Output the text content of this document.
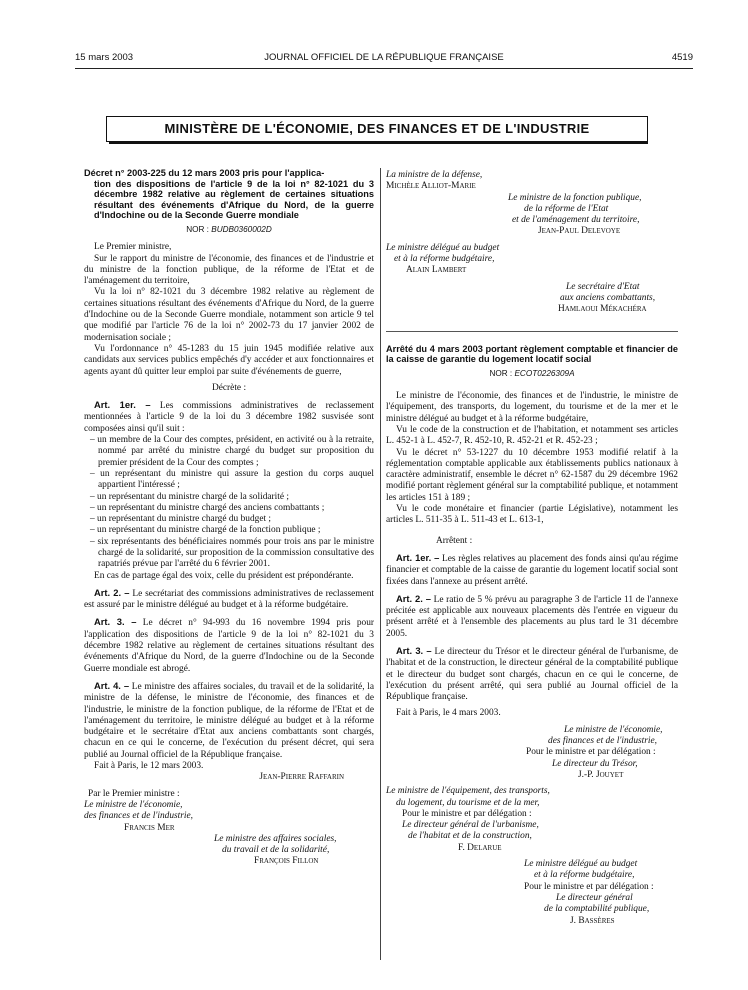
15 mars 2003	JOURNAL OFFICIEL DE LA RÉPUBLIQUE FRANÇAISE	4519
MINISTÈRE DE L'ÉCONOMIE, DES FINANCES ET DE L'INDUSTRIE

Décret n° 2003-225 du 12 mars 2003 pris pour l'applica-

tion des dispositions de l'article 9 de la loi n° 82-1021 du 3 décembre 1982 relative au règlement de certaines situations résultant des événements d'Afrique du Nord, de la guerre d'Indochine ou de la Seconde Guerre mondiale

NOR : BUDB0360002D

Le Premier ministre,

Sur le rapport du ministre de l'économie, des finances et de l'industrie et du ministre de la fonction publique, de la réforme de l'Etat et de l'aménagement du territoire,

Vu la loi n° 82-1021 du 3 décembre 1982 relative au règlement de certaines situations résultant des événements d'Afrique du Nord, de la guerre d'Indochine ou de la Seconde Guerre mondiale, notamment son article 9 tel que modifié par l'article 76 de la loi n° 2002-73 du 17 janvier 2002 de modernisation sociale ;

Vu l'ordonnance n° 45-1283 du 15 juin 1945 modifiée relative aux candidats aux services publics empêchés d'y accéder et aux fonctionnaires et agents ayant dû quitter leur emploi par suite d'événements de guerre,

Décrète :

Art. 1er. – Les commissions administratives de reclassement mentionnées à l'article 9 de la loi du 3 décembre 1982 susvisée sont composées ainsi qu'il suit :

– un membre de la Cour des comptes, président, en activité ou à la retraite, nommé par arrêté du ministre chargé du budget sur proposition du premier président de la Cour des comptes ;
– un représentant du ministre qui assure la gestion du corps auquel appartient l'intéressé ;
– un représentant du ministre chargé de la solidarité ;
– un représentant du ministre chargé des anciens combattants ;
– un représentant du ministre chargé du budget ;
– un représentant du ministre chargé de la fonction publique ;
– six représentants des bénéficiaires nommés pour trois ans par le ministre chargé de la solidarité, sur proposition de la commission consultative des rapatriés prévue par l'arrêté du 6 février 2001.

En cas de partage égal des voix, celle du président est prépondérante.

Art. 2. – Le secrétariat des commissions administratives de reclassement est assuré par le ministre délégué au budget et à la réforme budgétaire.

Art. 3. – Le décret n° 94-993 du 16 novembre 1994 pris pour l'application des dispositions de l'article 9 de la loi n° 82-1021 du 3 décembre 1982 relative au règlement de certaines situations résultant des événements d'Afrique du Nord, de la guerre d'Indochine ou de la Seconde Guerre mondiale est abrogé.

Art. 4. – Le ministre des affaires sociales, du travail et de la solidarité, la ministre de la défense, le ministre de l'économie, des finances et de l'industrie, le ministre de la fonction publique, de la réforme de l'Etat et de l'aménagement du territoire, le ministre délégué au budget et à la réforme budgétaire et le secrétaire d'Etat aux anciens combattants sont chargés, chacun en ce qui le concerne, de l'exécution du présent décret, qui sera publié au Journal officiel de la République française.

Fait à Paris, le 12 mars 2003.

Jean-Pierre Raffarin

Par le Premier ministre :

Le ministre de l'économie,

des finances et de l'industrie,

Francis Mer

Le ministre des affaires sociales,

du travail et de la solidarité,

François Fillon

La ministre de la défense,

Michèle Alliot-Marie

Le ministre de la fonction publique,

de la réforme de l'Etat

et de l'aménagement du territoire,

Jean-Paul Delevoye

Le ministre délégué au budget

et à la réforme budgétaire,

Alain Lambert

Le secrétaire d'Etat

aux anciens combattants,

Hamlaoui Mékachéra

Arrêté du 4 mars 2003 portant règlement comptable et financier de la caisse de garantie du logement locatif social

NOR : ECOT0226309A

Le ministre de l'économie, des finances et de l'industrie, le ministre de l'équipement, des transports, du logement, du tourisme et de la mer et le ministre délégué au budget et à la réforme budgétaire,

Vu le code de la construction et de l'habitation, et notamment ses articles L. 452-1 à L. 452-7, R. 452-10, R. 452-21 et R. 452-23 ;

Vu le décret n° 53-1227 du 10 décembre 1953 modifié relatif à la réglementation comptable applicable aux établissements publics nationaux à caractère administratif, ensemble le décret n° 62-1587 du 29 décembre 1962 modifié portant règlement général sur la comptabilité publique, et notamment les articles 151 à 189 ;

Vu le code monétaire et financier (partie Législative), notamment les articles L. 511-35 à L. 511-43 et L. 613-1,

Arrêtent :

Art. 1er. – Les règles relatives au placement des fonds ainsi qu'au régime financier et comptable de la caisse de garantie du logement locatif social sont fixées dans l'annexe au présent arrêté.

Art. 2. – Le ratio de 5 % prévu au paragraphe 3 de l'article 11 de l'annexe précitée est applicable aux nouveaux placements dès l'entrée en vigueur du présent arrêté et à l'ensemble des placements au plus tard le 31 décembre 2005.

Art. 3. – Le directeur du Trésor et le directeur général de l'urbanisme, de l'habitat et de la construction, le directeur général de la comptabilité publique et le directeur du budget sont chargés, chacun en ce qui le concerne, de l'exécution du présent arrêté, qui sera publié au Journal officiel de la République française.

Fait à Paris, le 4 mars 2003.

Le ministre de l'économie,

des finances et de l'industrie,

Pour le ministre et par délégation :

Le directeur du Trésor,

J.-P. Jouyet

Le ministre de l'équipement, des transports,

du logement, du tourisme et de la mer,

Pour le ministre et par délégation :

Le directeur général de l'urbanisme,

de l'habitat et de la construction,

F. Delarue

Le ministre délégué au budget

et à la réforme budgétaire,

Pour le ministre et par délégation :

Le directeur général

de la comptabilité publique,

J. Bassères
